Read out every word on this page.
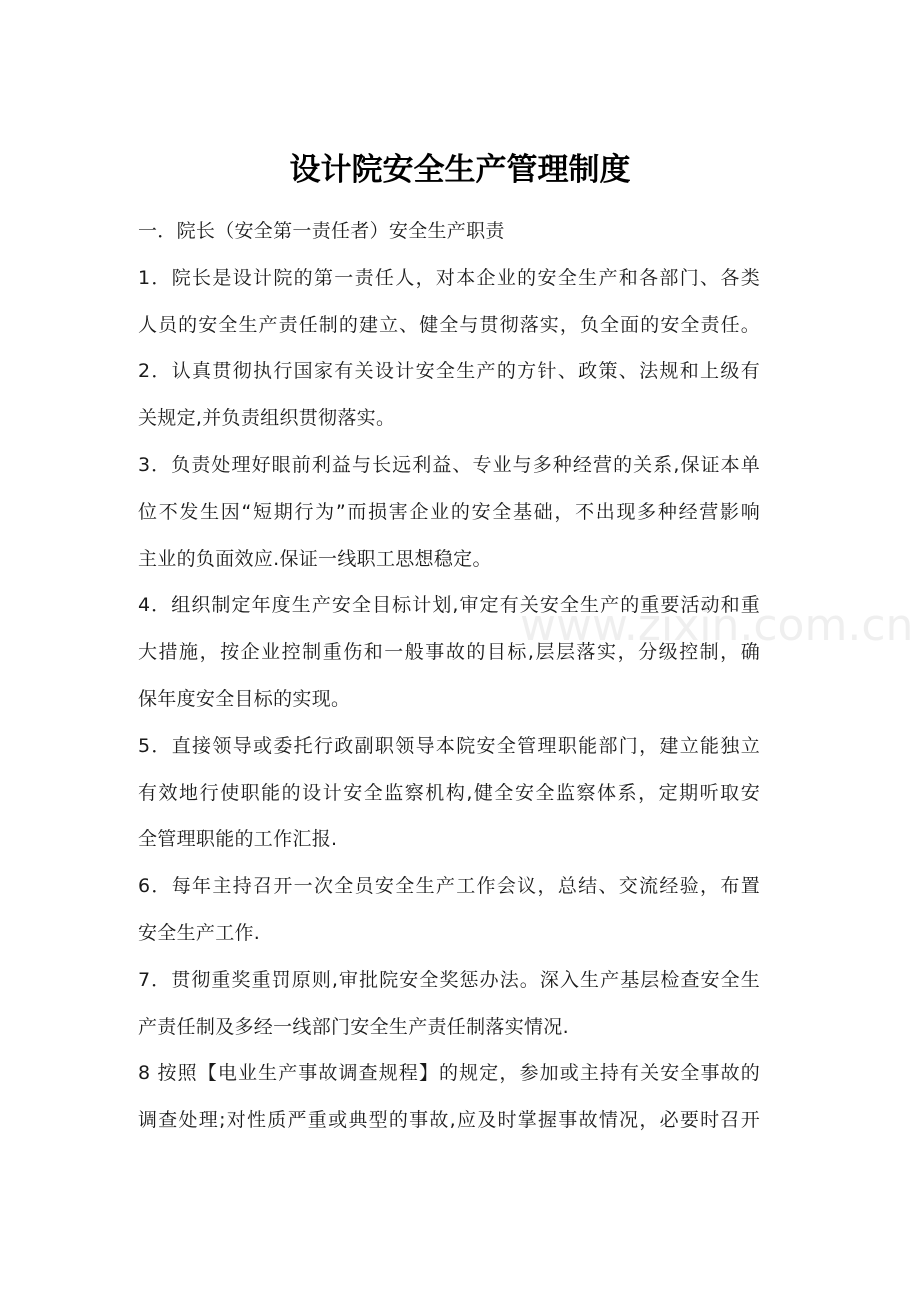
www.zixin.com.cn
设计院安全生产管理制度
一．院长（安全第一责任者）安全生产职责
1．院长是设计院的第一责任人，对本企业的安全生产和各部门、各类
人员的安全生产责任制的建立、健全与贯彻落实，负全面的安全责任。
2．认真贯彻执行国家有关设计安全生产的方针、政策、法规和上级有
关规定,并负责组织贯彻落实。
3．负责处理好眼前利益与长远利益、专业与多种经营的关系,保证本单
位不发生因“短期行为”而损害企业的安全基础，不出现多种经营影响
主业的负面效应.保证一线职工思想稳定。
4．组织制定年度生产安全目标计划,审定有关安全生产的重要活动和重
大措施，按企业控制重伤和一般事故的目标,层层落实，分级控制，确
保年度安全目标的实现。
5．直接领导或委托行政副职领导本院安全管理职能部门，建立能独立
有效地行使职能的设计安全监察机构,健全安全监察体系，定期听取安
全管理职能的工作汇报.
6．每年主持召开一次全员安全生产工作会议，总结、交流经验，布置
安全生产工作.
7．贯彻重奖重罚原则,审批院安全奖惩办法。深入生产基层检查安全生
产责任制及多经一线部门安全生产责任制落实情况.
8 按照【电业生产事故调查规程】的规定，参加或主持有关安全事故的
调查处理;对性质严重或典型的事故,应及时掌握事故情况，必要时召开
